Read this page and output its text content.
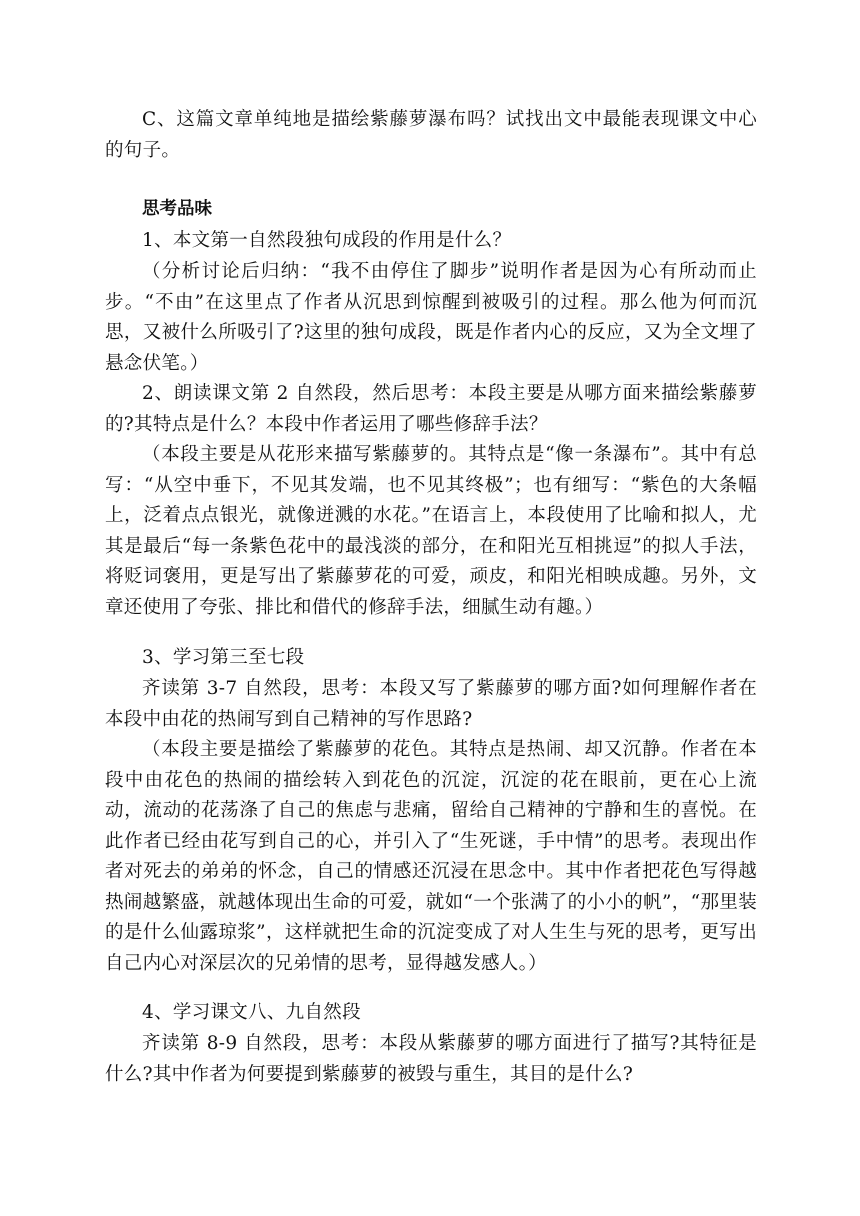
C、这篇文章单纯地是描绘紫藤萝瀑布吗？试找出文中最能表现课文中心的句子。

思考品味

1、本文第一自然段独句成段的作用是什么？

（分析讨论后归纳：“我不由停住了脚步”说明作者是因为心有所动而止步。“不由”在这里点了作者从沉思到惊醒到被吸引的过程。那么他为何而沉思，又被什么所吸引了?这里的独句成段，既是作者内心的反应，又为全文埋了悬念伏笔。）

2、朗读课文第 2 自然段，然后思考：本段主要是从哪方面来描绘紫藤萝的?其特点是什么？本段中作者运用了哪些修辞手法？

（本段主要是从花形来描写紫藤萝的。其特点是“像一条瀑布”。其中有总写：“从空中垂下，不见其发端，也不见其终极”；也有细写：“紫色的大条幅上，泛着点点银光，就像迸溅的水花。”在语言上，本段使用了比喻和拟人，尤其是最后“每一条紫色花中的最浅淡的部分，在和阳光互相挑逗”的拟人手法，将贬词褒用，更是写出了紫藤萝花的可爱，顽皮，和阳光相映成趣。另外，文章还使用了夸张、排比和借代的修辞手法，细腻生动有趣。）

3、学习第三至七段

齐读第 3-7 自然段，思考：本段又写了紫藤萝的哪方面?如何理解作者在本段中由花的热闹写到自己精神的写作思路?

（本段主要是描绘了紫藤萝的花色。其特点是热闹、却又沉静。作者在本段中由花色的热闹的描绘转入到花色的沉淀，沉淀的花在眼前，更在心上流动，流动的花荡涤了自己的焦虑与悲痛，留给自己精神的宁静和生的喜悦。在此作者已经由花写到自己的心，并引入了“生死谜，手中情”的思考。表现出作者对死去的弟弟的怀念，自己的情感还沉浸在思念中。其中作者把花色写得越热闹越繁盛，就越体现出生命的可爱，就如“一个张满了的小小的帆”，“那里装的是什么仙露琼浆”，这样就把生命的沉淀变成了对人生生与死的思考，更写出自己内心对深层次的兄弟情的思考，显得越发感人。）

4、学习课文八、九自然段

齐读第 8-9 自然段，思考：本段从紫藤萝的哪方面进行了描写?其特征是什么?其中作者为何要提到紫藤萝的被毁与重生，其目的是什么?
